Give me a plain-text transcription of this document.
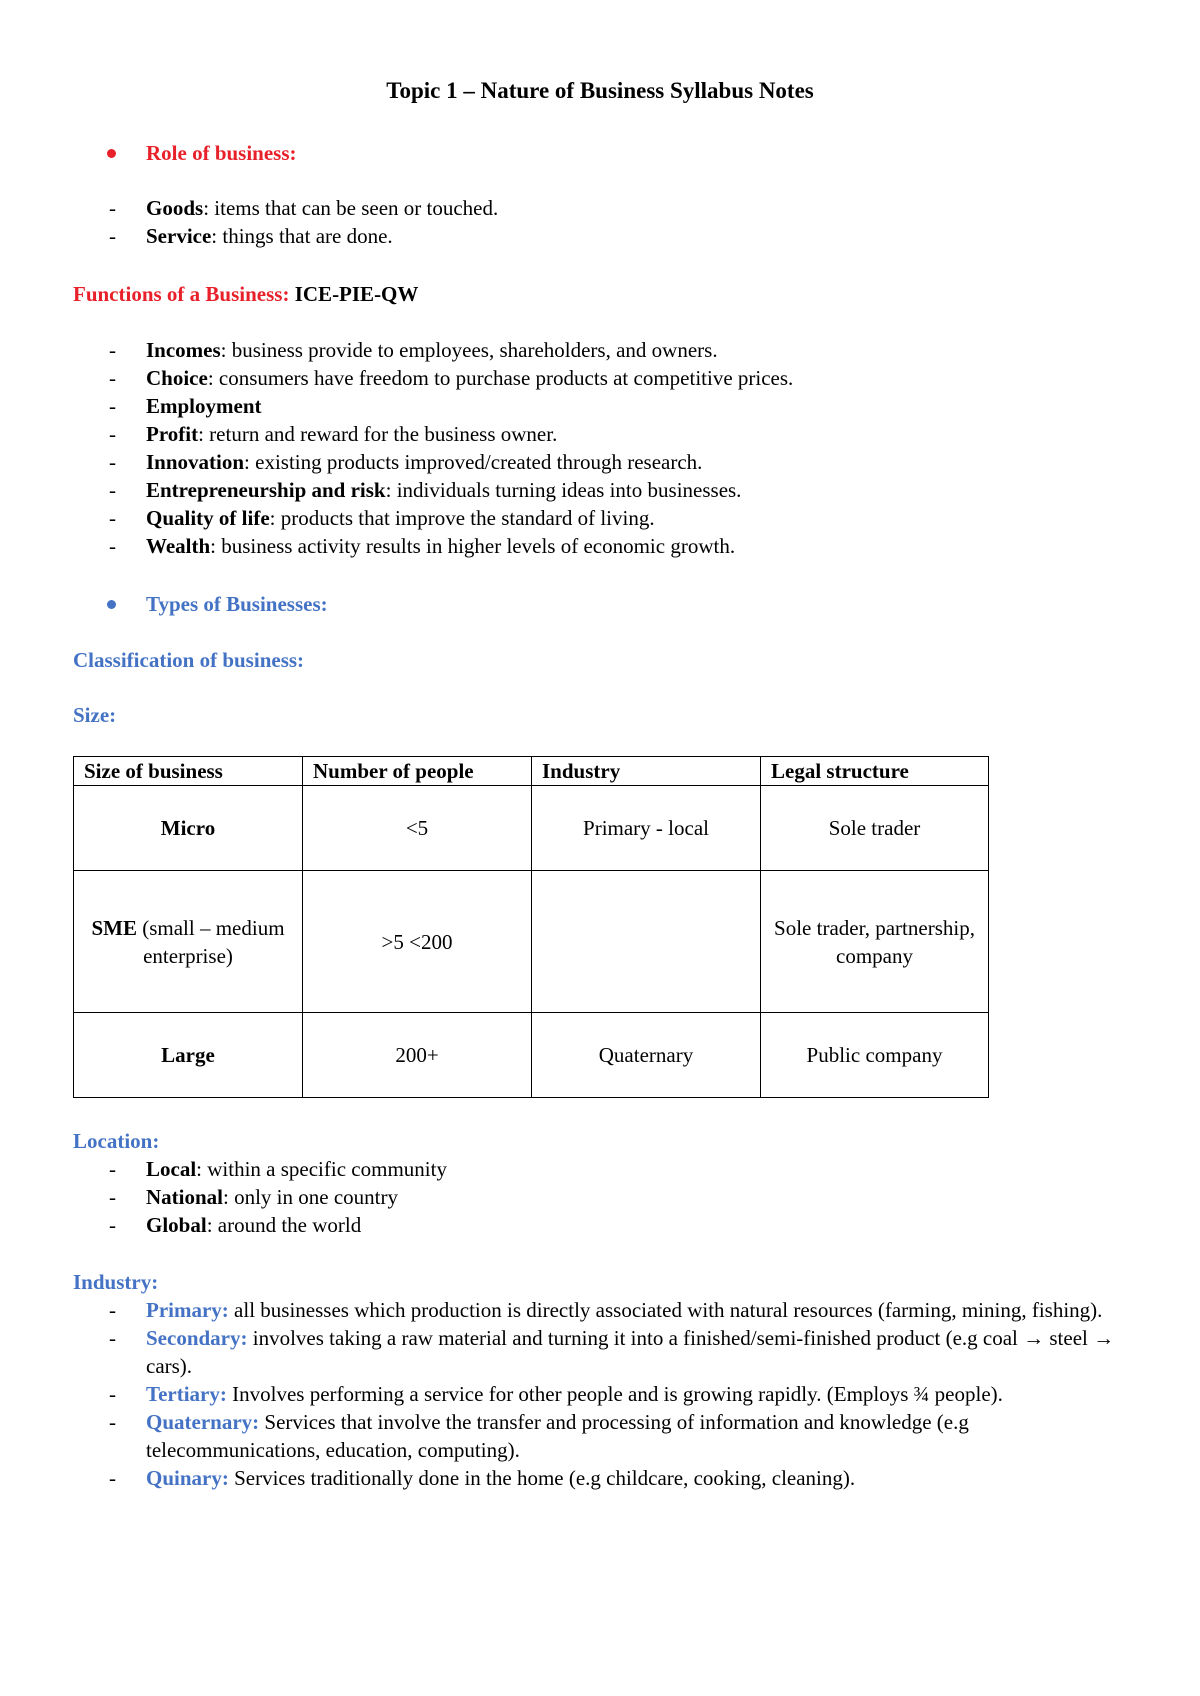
Topic 1 – Nature of Business Syllabus Notes
Role of business:
- Goods: items that can be seen or touched.
- Service: things that are done.
Functions of a Business: ICE-PIE-QW
- Incomes: business provide to employees, shareholders, and owners.
- Choice: consumers have freedom to purchase products at competitive prices.
- Employment
- Profit: return and reward for the business owner.
- Innovation: existing products improved/created through research.
- Entrepreneurship and risk: individuals turning ideas into businesses.
- Quality of life: products that improve the standard of living.
- Wealth: business activity results in higher levels of economic growth.
Types of Businesses:
Classification of business:
Size:
Size of business	Number of people	Industry	Legal structure
Micro	<5	Primary - local	Sole trader
SME (small – medium enterprise)	>5 <200		Sole trader, partnership, company
Large	200+	Quaternary	Public company
Location:
- Local: within a specific community
- National: only in one country
- Global: around the world
Industry:
- Primary: all businesses which production is directly associated with natural resources (farming, mining, fishing).
- Secondary: involves taking a raw material and turning it into a finished/semi-finished product (e.g coal → steel → cars).
- Tertiary: Involves performing a service for other people and is growing rapidly. (Employs ¾ people).
- Quaternary: Services that involve the transfer and processing of information and knowledge (e.g telecommunications, education, computing).
- Quinary: Services traditionally done in the home (e.g childcare, cooking, cleaning).
